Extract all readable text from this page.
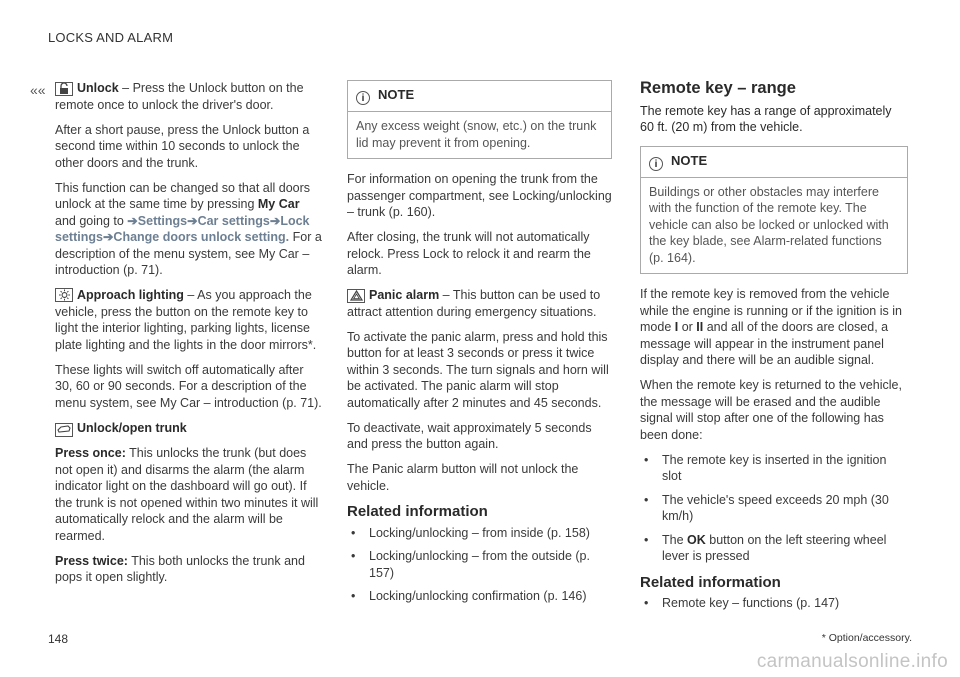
LOCKS AND ALARM
««	Unlock – Press the Unlock button on the remote once to unlock the driver's door.

After a short pause, press the Unlock button a second time within 10 seconds to unlock the other doors and the trunk.

This function can be changed so that all doors unlock at the same time by pressing My Car and going to ➔Settings➔Car settings➔Lock settings➔Change doors unlock setting. For a description of the menu system, see My Car – introduction (p. 71).

Approach lighting – As you approach the vehicle, press the button on the remote key to light the interior lighting, parking lights, license plate lighting and the lights in the door mirrors*.

These lights will switch off automatically after 30, 60 or 90 seconds. For a description of the menu system, see My Car – introduction (p. 71).

Unlock/open trunk

Press once: This unlocks the trunk (but does not open it) and disarms the alarm (the alarm indicator light on the dashboard will go out). If the trunk is not opened within two minutes it will automatically relock and the alarm will be rearmed.

Press twice: This both unlocks the trunk and pops it open slightly.

i NOTE
Any excess weight (snow, etc.) on the trunk lid may prevent it from opening.

For information on opening the trunk from the passenger compartment, see Locking/unlocking – trunk (p. 160).

After closing, the trunk will not automatically relock. Press Lock to relock it and rearm the alarm.

Panic alarm – This button can be used to attract attention during emergency situations.

To activate the panic alarm, press and hold this button for at least 3 seconds or press it twice within 3 seconds. The turn signals and horn will be activated. The panic alarm will stop automatically after 2 minutes and 45 seconds.

To deactivate, wait approximately 5 seconds and press the button again.

The Panic alarm button will not unlock the vehicle.

Related information
• Locking/unlocking – from inside (p. 158)
• Locking/unlocking – from the outside (p. 157)
• Locking/unlocking confirmation (p. 146)
Remote key – range
The remote key has a range of approximately 60 ft. (20 m) from the vehicle.
i NOTE
Buildings or other obstacles may interfere with the function of the remote key. The vehicle can also be locked or unlocked with the key blade, see Alarm-related functions (p. 164).

If the remote key is removed from the vehicle while the engine is running or if the ignition is in mode I or II and all of the doors are closed, a message will appear in the instrument panel display and there will be an audible signal.

When the remote key is returned to the vehicle, the message will be erased and the audible signal will stop after one of the following has been done:

• The remote key is inserted in the ignition slot
• The vehicle's speed exceeds 20 mph (30 km/h)
• The OK button on the left steering wheel lever is pressed
Related information
• Remote key – functions (p. 147)
148	* Option/accessory.
carmanualsonline.info
